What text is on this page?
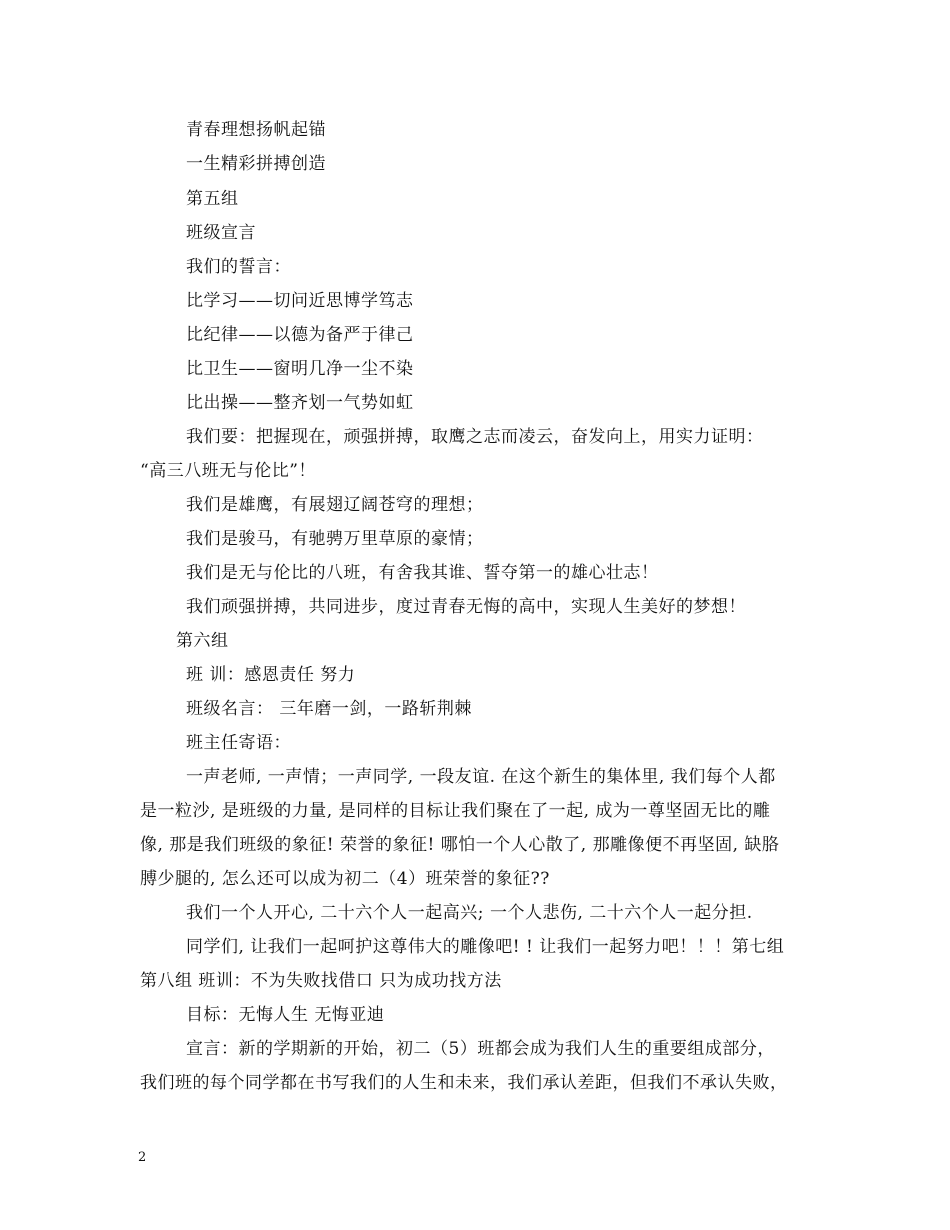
青春理想扬帆起锚
一生精彩拼搏创造
第五组
班级宣言
我们的誓言：
比学习——切问近思博学笃志
比纪律——以德为备严于律己
比卫生——窗明几净一尘不染
比出操——整齐划一气势如虹
我们要：把握现在，顽强拼搏，取鹰之志而凌云，奋发向上，用实力证明：
“高三八班无与伦比”！
我们是雄鹰，有展翅辽阔苍穹的理想；
我们是骏马，有驰骋万里草原的豪情；
我们是无与伦比的八班，有舍我其谁、誓夺第一的雄心壮志！
我们顽强拼搏，共同进步，度过青春无悔的高中，实现人生美好的梦想！
第六组
班 训：感恩责任 努力
班级名言： 三年磨一剑，一路斩荆棘
班主任寄语：
一声老师, 一声情；一声同学, 一段友谊. 在这个新生的集体里, 我们每个人都
是一粒沙, 是班级的力量, 是同样的目标让我们聚在了一起, 成为一尊坚固无比的雕
像, 那是我们班级的象征! 荣誉的象征! 哪怕一个人心散了, 那雕像便不再坚固, 缺胳
膊少腿的, 怎么还可以成为初二（4）班荣誉的象征??
我们一个人开心, 二十六个人一起高兴; 一个人悲伤, 二十六个人一起分担.
同学们, 让我们一起呵护这尊伟大的雕像吧! ! 让我们一起努力吧！！！第七组
第八组 班训：不为失败找借口 只为成功找方法
目标：无悔人生 无悔亚迪
宣言：新的学期新的开始，初二（5）班都会成为我们人生的重要组成部分，
我们班的每个同学都在书写我们的人生和未来，我们承认差距，但我们不承认失败，
2
